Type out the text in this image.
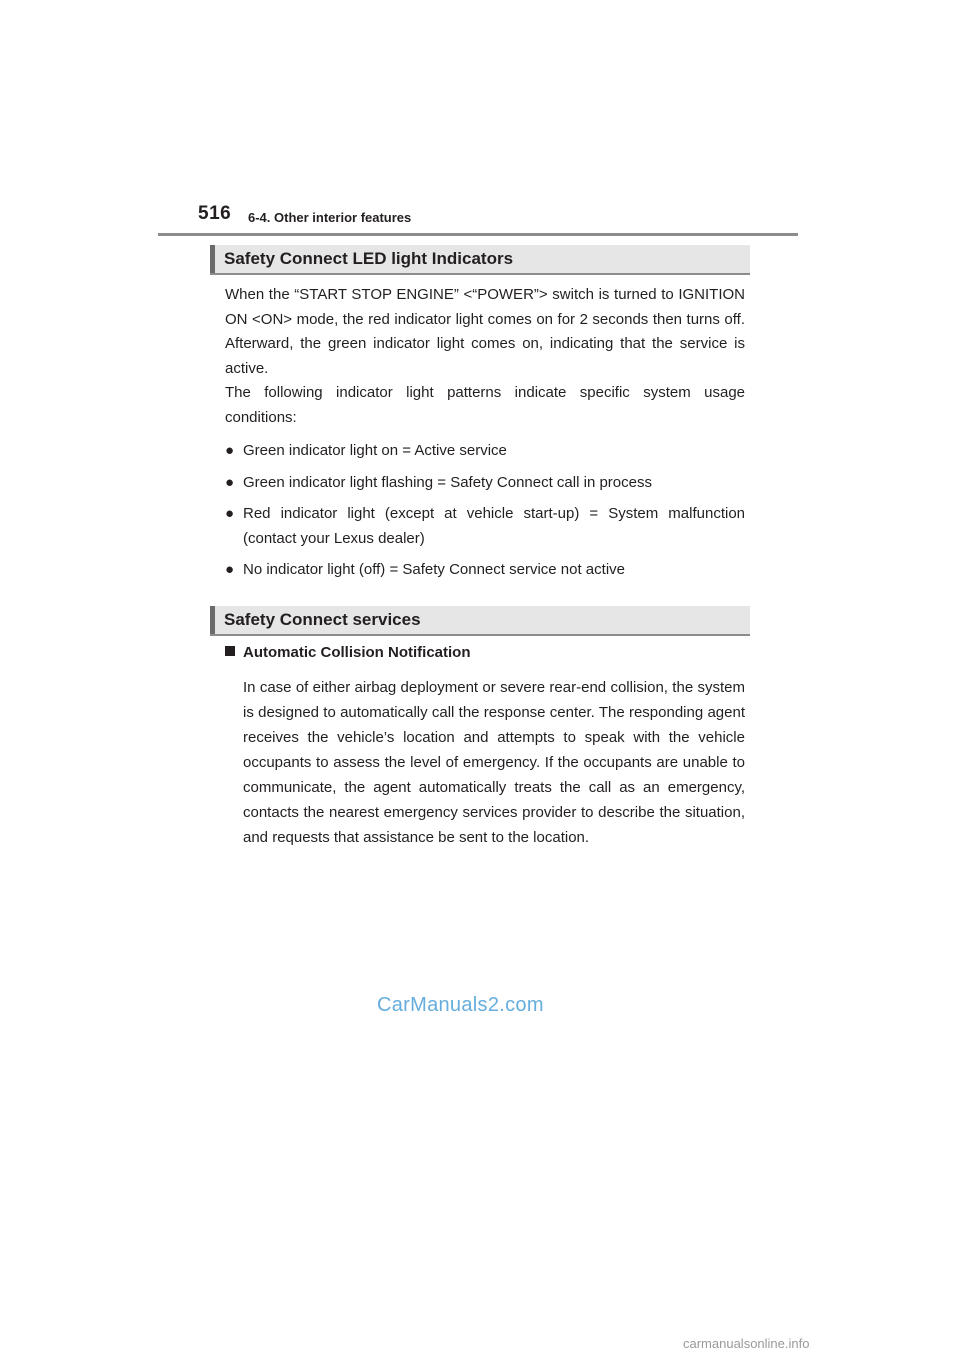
516 6-4. Other interior features
Safety Connect LED light Indicators

When the “START STOP ENGINE” <“POWER”> switch is turned to IGNITION ON <ON> mode, the red indicator light comes on for 2 seconds then turns off. Afterward, the green indicator light comes on, indicating that the service is active.

The following indicator light patterns indicate specific system usage conditions:

● Green indicator light on = Active service
● Green indicator light flashing = Safety Connect call in process
● Red indicator light (except at vehicle start-up) = System malfunction (contact your Lexus dealer)
● No indicator light (off) = Safety Connect service not active
Safety Connect services
Automatic Collision Notification
In case of either airbag deployment or severe rear-end collision, the system is designed to automatically call the response center. The responding agent receives the vehicle’s location and attempts to speak with the vehicle occupants to assess the level of emergency. If the occupants are unable to communicate, the agent automatically treats the call as an emergency, contacts the nearest emergency services provider to describe the situation, and requests that assistance be sent to the location.
CarManuals2.com
carmanualsonline.info
